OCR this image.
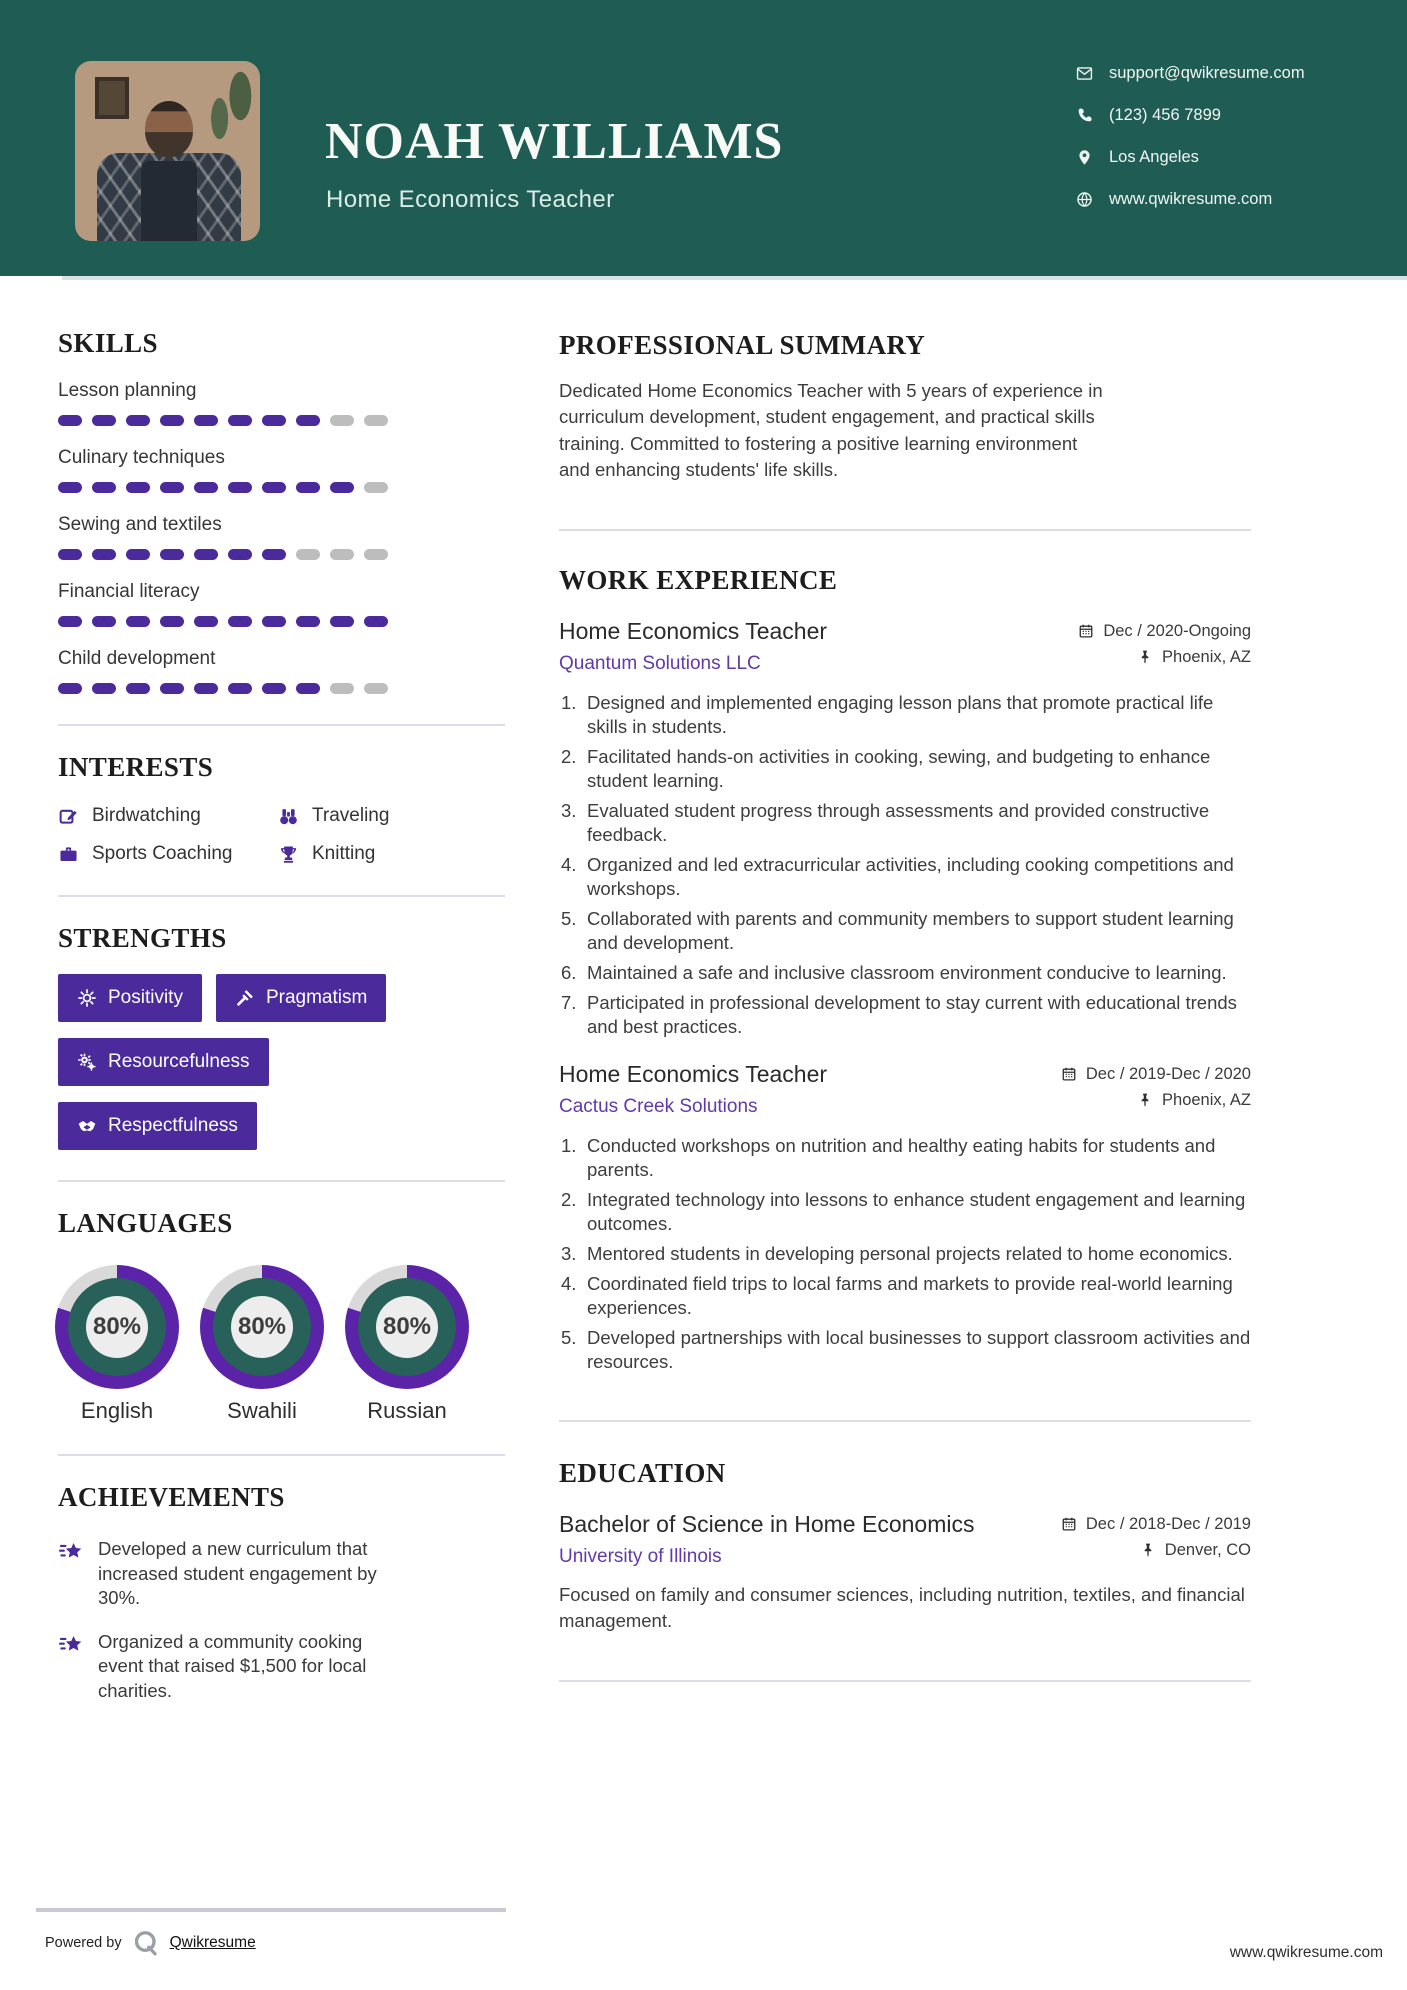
NOAH WILLIAMS
Home Economics Teacher
support@qwikresume.com
(123) 456 7899
Los Angeles
www.qwikresume.com
SKILLS
Lesson planning
Culinary techniques
Sewing and textiles
Financial literacy
Child development
INTERESTS
Birdwatching	Traveling
Sports Coaching	Knitting
STRENGTHS
Positivity	Pragmatism
Resourcefulness
Respectfulness
LANGUAGES
80%
English
80%
Swahili
80%
Russian
ACHIEVEMENTS
Developed a new curriculum that increased student engagement by 30%.
Organized a community cooking event that raised $1,500 for local charities.
PROFESSIONAL SUMMARY

Dedicated Home Economics Teacher with 5 years of experience in curriculum development, student engagement, and practical skills training. Committed to fostering a positive learning environment and enhancing students' life skills.

WORK EXPERIENCE
Home Economics Teacher
Quantum Solutions LLC
Dec / 2020-Ongoing
Phoenix, AZ
Designed and implemented engaging lesson plans that promote practical life skills in students.
Facilitated hands-on activities in cooking, sewing, and budgeting to enhance student learning.
Evaluated student progress through assessments and provided constructive feedback.
Organized and led extracurricular activities, including cooking competitions and workshops.
Collaborated with parents and community members to support student learning and development.
Maintained a safe and inclusive classroom environment conducive to learning.
Participated in professional development to stay current with educational trends and best practices.
Home Economics Teacher
Cactus Creek Solutions
Dec / 2019-Dec / 2020
Phoenix, AZ
Conducted workshops on nutrition and healthy eating habits for students and parents.
Integrated technology into lessons to enhance student engagement and learning outcomes.
Mentored students in developing personal projects related to home economics.
Coordinated field trips to local farms and markets to provide real-world learning experiences.
Developed partnerships with local businesses to support classroom activities and resources.
EDUCATION
Bachelor of Science in Home Economics
University of Illinois
Dec / 2018-Dec / 2019
Denver, CO

Focused on family and consumer sciences, including nutrition, textiles, and financial management.

Powered by	Qwikresume
www.qwikresume.com
